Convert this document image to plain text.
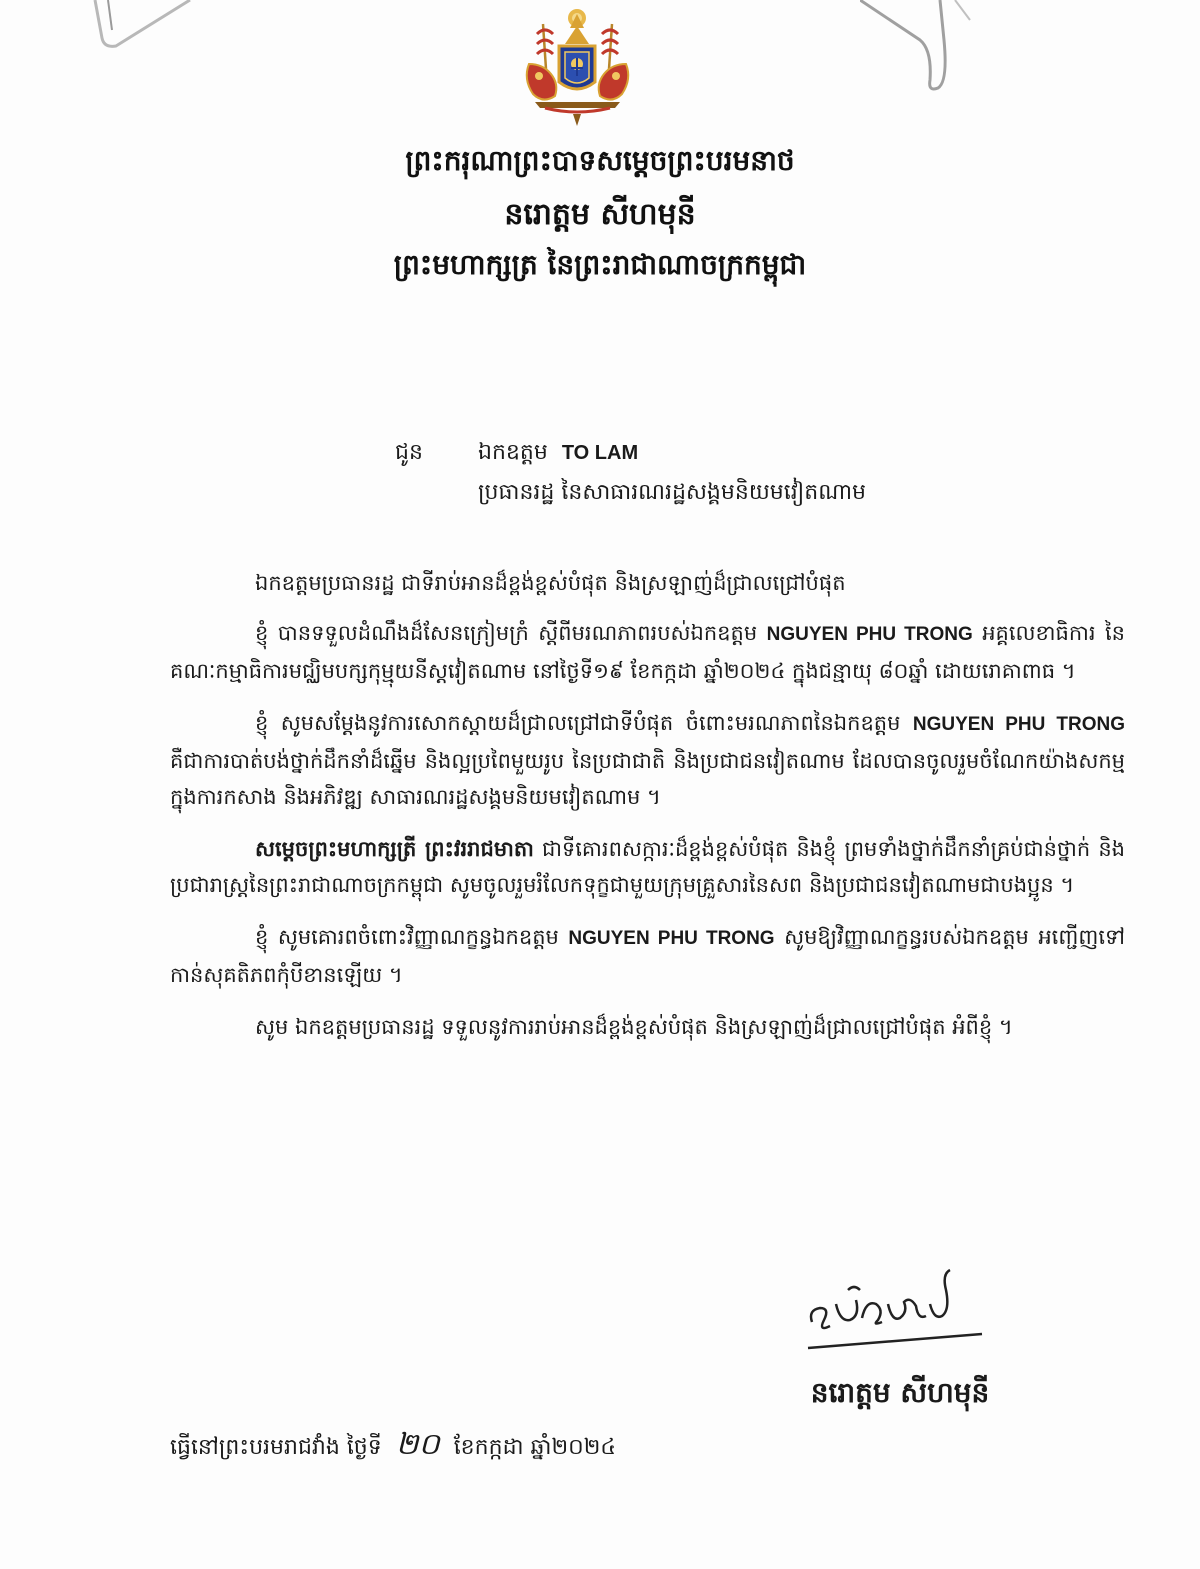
ព្រះករុណាព្រះបាទសម្ដេចព្រះបរមនាថ
នរោត្តម សីហមុនី
ព្រះមហាក្សត្រ នៃព្រះរាជាណាចក្រកម្ពុជា
ជូន	ឯកឧត្តម TO LAM
ប្រធានរដ្ឋ នៃសាធារណរដ្ឋសង្គមនិយមវៀតណាម

ឯកឧត្តមប្រធានរដ្ឋ ជាទីរាប់អានដ៏ខ្ពង់ខ្ពស់បំផុត និងស្រឡាញ់ដ៏ជ្រាលជ្រៅបំផុត

ខ្ញុំ បានទទួលដំណឹងដ៏សែនក្រៀមក្រំ ស្ដីពីមរណភាពរបស់ឯកឧត្តម NGUYEN PHU TRONG អគ្គលេខាធិការ នៃគណៈកម្មាធិការមជ្ឈិមបក្សកុម្មុយនីស្តវៀតណាម នៅថ្ងៃទី១៩ ខែកក្កដា ឆ្នាំ២០២៤ ក្នុងជន្មាយុ ៨០ឆ្នាំ ដោយរោគាពាធ ។

ខ្ញុំ សូមសម្ដែងនូវការសោកស្ដាយដ៏ជ្រាលជ្រៅជាទីបំផុត ចំពោះមរណភាពនៃឯកឧត្តម NGUYEN PHU TRONG គឺជាការបាត់បង់ថ្នាក់ដឹកនាំដ៏ឆ្នើម និងល្អប្រពៃមួយរូប នៃប្រជាជាតិ និងប្រជាជនវៀតណាម ដែលបានចូលរួមចំណែកយ៉ាងសកម្មក្នុងការកសាង និងអភិវឌ្ឍ សាធារណរដ្ឋសង្គមនិយមវៀតណាម ។

សម្ដេចព្រះមហាក្សត្រី ព្រះវររាជមាតា ជាទីគោរពសក្ការៈដ៏ខ្ពង់ខ្ពស់បំផុត និងខ្ញុំ ព្រមទាំងថ្នាក់ដឹកនាំគ្រប់ជាន់ថ្នាក់ និងប្រជារាស្ត្រនៃព្រះរាជាណាចក្រកម្ពុជា សូមចូលរួមរំលែកទុក្ខជាមួយក្រុមគ្រួសារនៃសព និងប្រជាជនវៀតណាមជាបងប្អូន ។

ខ្ញុំ សូមគោរពចំពោះវិញ្ញាណក្ខន្ធឯកឧត្តម NGUYEN PHU TRONG សូមឱ្យវិញ្ញាណក្ខន្ធរបស់ឯកឧត្តម អញ្ជើញទៅកាន់សុគតិភពកុំបីខានឡើយ ។

សូម ឯកឧត្តមប្រធានរដ្ឋ ទទួលនូវការរាប់អានដ៏ខ្ពង់ខ្ពស់បំផុត និងស្រឡាញ់ដ៏ជ្រាលជ្រៅបំផុត អំពីខ្ញុំ ។

នរោត្តម សីហមុនី
ធ្វើនៅព្រះបរមរាជវាំង ថ្ងៃទី ២០ ខែកក្កដា ឆ្នាំ២០២៤
